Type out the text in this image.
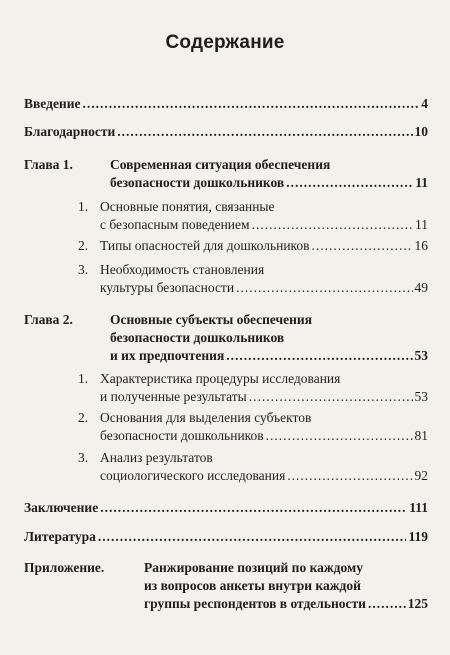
Содержание
Введение .....	4
Благодарности .....	10
Глава 1.	Современная ситуация обеспечения
безопасности дошкольников .....	11
1. Основные понятия, связанные
с безопасным поведением .....	11
2. Типы опасностей для дошкольников .....	16
3. Необходимость становления
культуры безопасности .....	49
Глава 2.	Основные субъекты обеспечения
безопасности дошкольников
и их предпочтения .....	53
1. Характеристика процедуры исследования
и полученные результаты .....	53
2. Основания для выделения субъектов
безопасности дошкольников .....	81
3. Анализ результатов
социологического исследования .....	92
Заключение .....	111
Литература .....	119
Приложение.	Ранжирование позиций по каждому
из вопросов анкеты внутри каждой
группы респондентов в отдельности .....	125
